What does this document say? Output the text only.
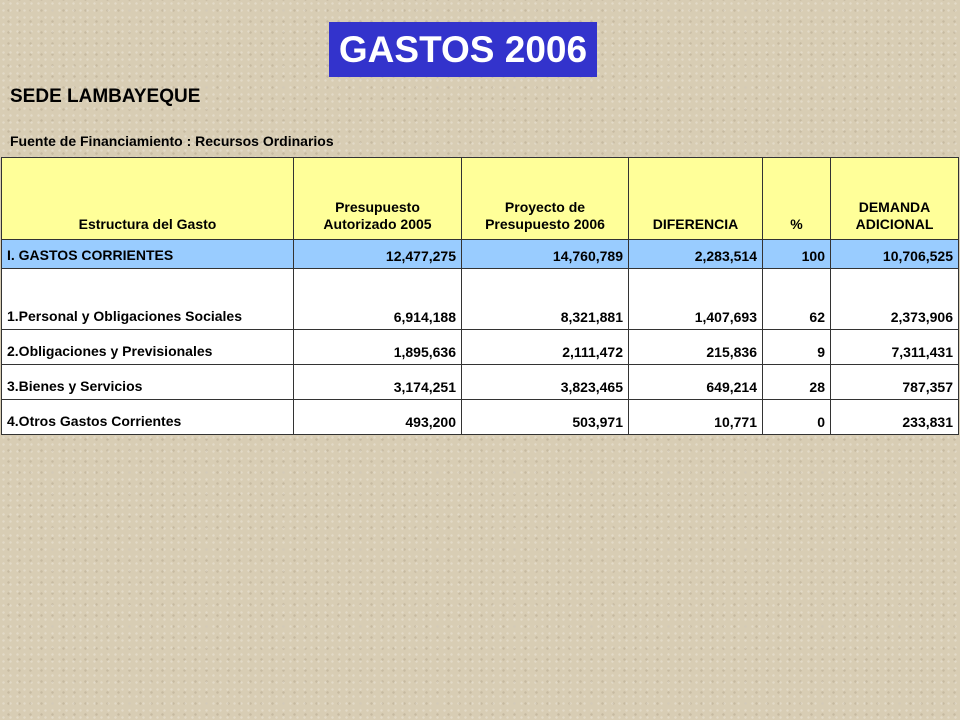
GASTOS 2006
SEDE LAMBAYEQUE
Fuente de Financiamiento : Recursos Ordinarios
Estructura del Gasto	Presupuesto Autorizado 2005	Proyecto de Presupuesto 2006	DIFERENCIA	%	DEMANDA ADICIONAL
I. GASTOS CORRIENTES	12,477,275	14,760,789	2,283,514	100	10,706,525
1.Personal y Obligaciones Sociales	6,914,188	8,321,881	1,407,693	62	2,373,906
2.Obligaciones y Previsionales	1,895,636	2,111,472	215,836	9	7,311,431
3.Bienes y Servicios	3,174,251	3,823,465	649,214	28	787,357
4.Otros Gastos Corrientes	493,200	503,971	10,771	0	233,831
